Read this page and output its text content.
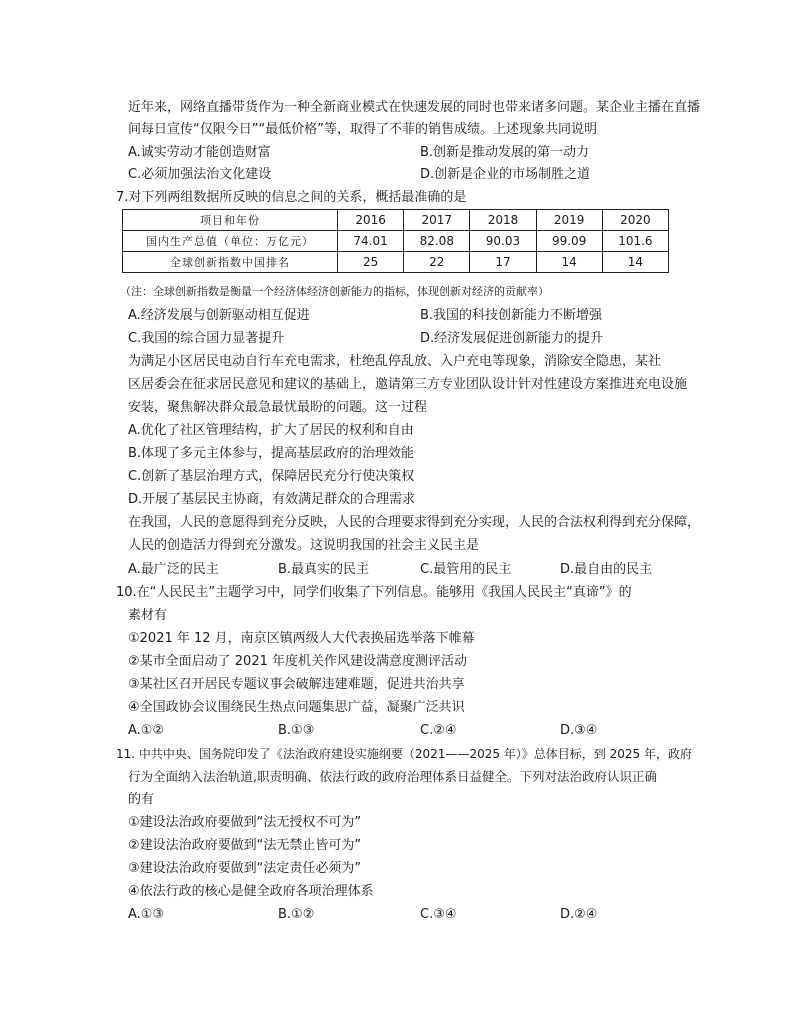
近年来，网络直播带货作为一种全新商业模式在快速发展的同时也带来诸多问题。某企业主播在直播
间每日宣传“仅限今日”“最低价格”等，取得了不菲的销售成绩。上述现象共同说明
A.诚实劳动才能创造财富	B.创新是推动发展的第一动力
C.必须加强法治文化建设	D.创新是企业的市场制胜之道
7.对下列两组数据所反映的信息之间的关系，概括最准确的是
项目和年份	2016	2017	2018	2019	2020
国内生产总值（单位：万亿元）	74.01	82.08	90.03	99.09	101.6
全球创新指数中国排名	25	22	17	14	14
（注：全球创新指数是衡量一个经济体经济创新能力的指标，体现创新对经济的贡献率）
A.经济发展与创新驱动相互促进	B.我国的科技创新能力不断增强
C.我国的综合国力显著提升	D.经济发展促进创新能力的提升
为满足小区居民电动自行车充电需求，杜绝乱停乱放、入户充电等现象，消除安全隐患，某社
区居委会在征求居民意见和建议的基础上，邀请第三方专业团队设计针对性建设方案推进充电设施
安装，聚焦解决群众最急最忧最盼的问题。这一过程
A.优化了社区管理结构，扩大了居民的权利和自由
B.体现了多元主体参与，提高基层政府的治理效能
C.创新了基层治理方式，保障居民充分行使决策权
D.开展了基层民主协商，有效满足群众的合理需求
在我国，人民的意愿得到充分反映，人民的合理要求得到充分实现，人民的合法权利得到充分保障，
人民的创造活力得到充分激发。这说明我国的社会主义民主是
A.最广泛的民主	B.最真实的民主	C.最管用的民主	D.最自由的民主
10.在“人民民主”主题学习中，同学们收集了下列信息。能够用《我国人民民主“真谛”》的
素材有
①2021 年 12 月，南京区镇两级人大代表换届选举落下帷幕
②某市全面启动了 2021 年度机关作风建设满意度测评活动
③某社区召开居民专题议事会破解违建难题，促进共治共享
④全国政协会议围绕民生热点问题集思广益，凝聚广泛共识
A.①②	B.①③	C.②④	D.③④
11. 中共中央、国务院印发了《法治政府建设实施纲要（2021——2025 年）》总体目标，到 2025 年，政府
行为全面纳入法治轨道,职责明确、依法行政的政府治理体系日益健全。下列对法治政府认识正确
的有
①建设法治政府要做到“法无授权不可为”
②建设法治政府要做到“法无禁止皆可为”
③建设法治政府要做到“法定责任必须为”
④依法行政的核心是健全政府各项治理体系
A.①③	B.①②	C.③④	D.②④
